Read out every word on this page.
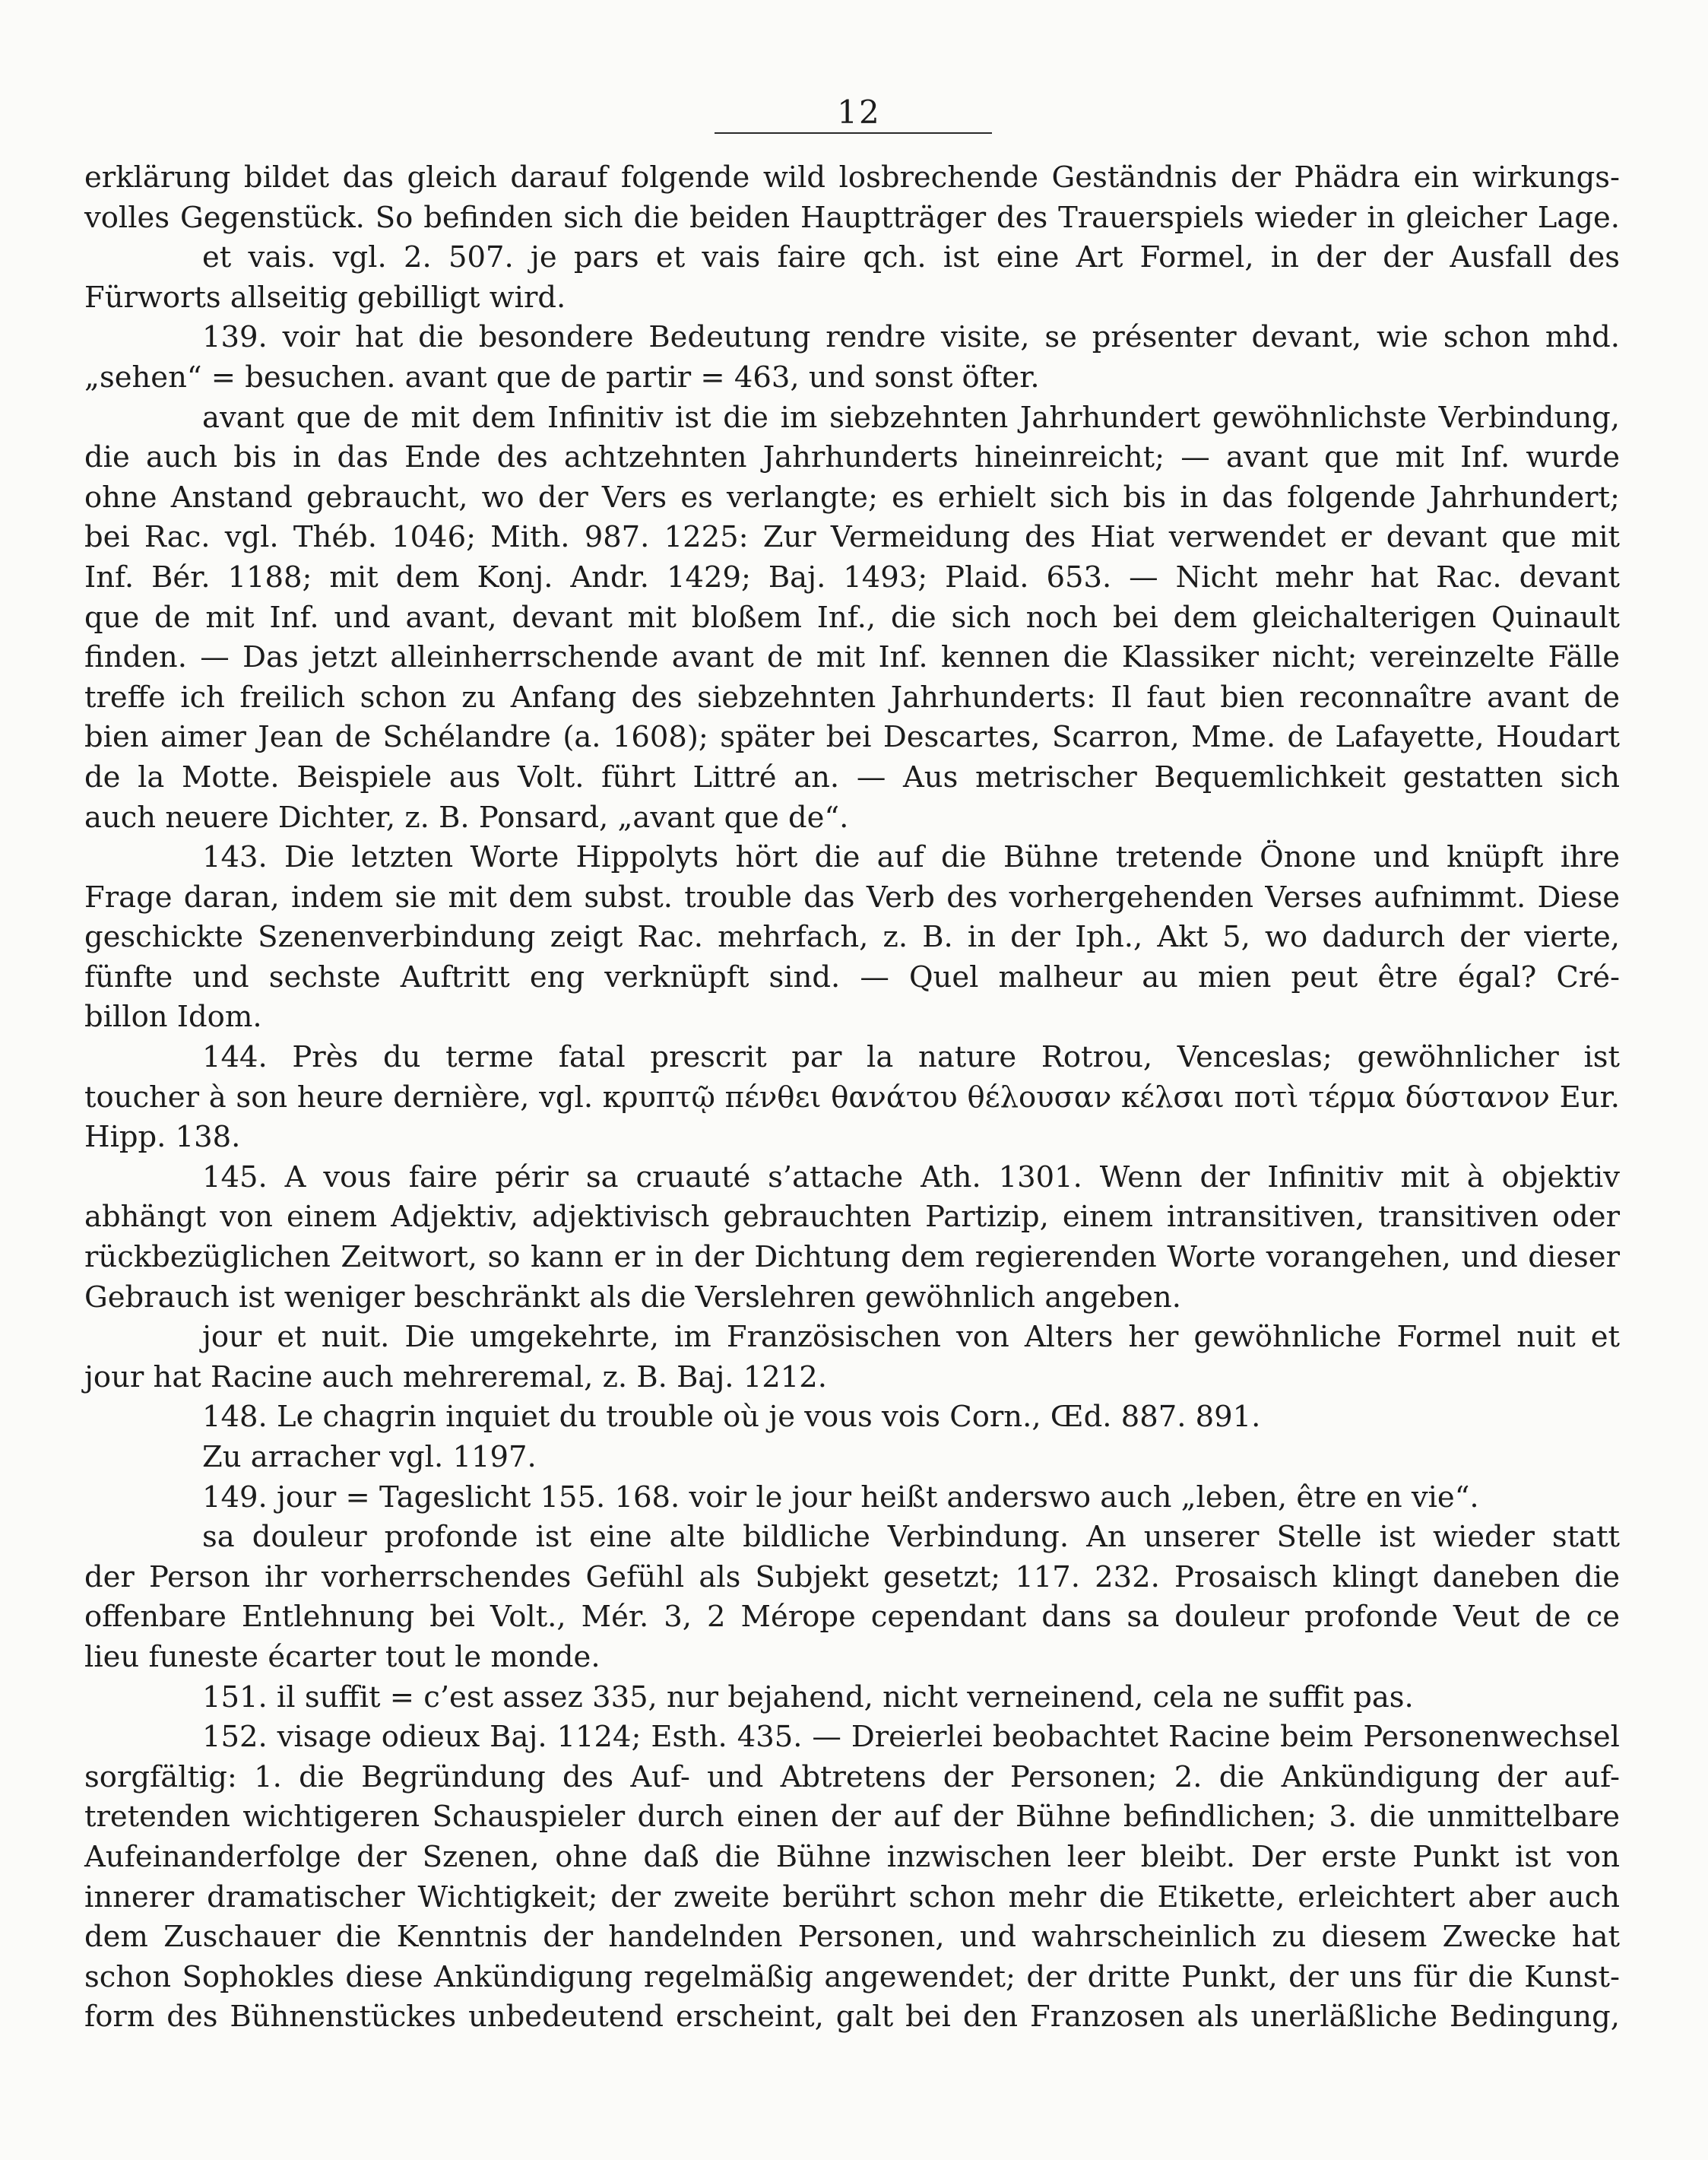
12
erklärung bildet das gleich darauf folgende wild losbrechende Geständnis der Phädra ein wirkungs-
volles Gegenstück. So befinden sich die beiden Hauptträger des Trauerspiels wieder in gleicher Lage.
et vais. vgl. 2. 507. je pars et vais faire qch. ist eine Art Formel, in der der Ausfall des
Fürworts allseitig gebilligt wird.
139. voir hat die besondere Bedeutung rendre visite, se présenter devant, wie schon mhd.
„sehen“ = besuchen. avant que de partir = 463, und sonst öfter.
avant que de mit dem Infinitiv ist die im siebzehnten Jahrhundert gewöhnlichste Verbindung,
die auch bis in das Ende des achtzehnten Jahrhunderts hineinreicht; — avant que mit Inf. wurde
ohne Anstand gebraucht, wo der Vers es verlangte; es erhielt sich bis in das folgende Jahrhundert;
bei Rac. vgl. Théb. 1046; Mith. 987. 1225: Zur Vermeidung des Hiat verwendet er devant que mit
Inf. Bér. 1188; mit dem Konj. Andr. 1429; Baj. 1493; Plaid. 653. — Nicht mehr hat Rac. devant
que de mit Inf. und avant, devant mit bloßem Inf., die sich noch bei dem gleichalterigen Quinault
finden. — Das jetzt alleinherrschende avant de mit Inf. kennen die Klassiker nicht; vereinzelte Fälle
treffe ich freilich schon zu Anfang des siebzehnten Jahrhunderts: Il faut bien reconnaître avant de
bien aimer Jean de Schélandre (a. 1608); später bei Descartes, Scarron, Mme. de Lafayette, Houdart
de la Motte. Beispiele aus Volt. führt Littré an. — Aus metrischer Bequemlichkeit gestatten sich
auch neuere Dichter, z. B. Ponsard, „avant que de“.
143. Die letzten Worte Hippolyts hört die auf die Bühne tretende Önone und knüpft ihre
Frage daran, indem sie mit dem subst. trouble das Verb des vorhergehenden Verses aufnimmt. Diese
geschickte Szenenverbindung zeigt Rac. mehrfach, z. B. in der Iph., Akt 5, wo dadurch der vierte,
fünfte und sechste Auftritt eng verknüpft sind. — Quel malheur au mien peut être égal? Cré-
billon Idom.
144. Près du terme fatal prescrit par la nature Rotrou, Venceslas; gewöhnlicher ist
toucher à son heure dernière, vgl. κρυπτῷ πένθει θανάτου θέλουσαν κέλσαι ποτὶ τέρμα δύστανον Eur.
Hipp. 138.
145. A vous faire périr sa cruauté s’attache Ath. 1301. Wenn der Infinitiv mit à objektiv
abhängt von einem Adjektiv, adjektivisch gebrauchten Partizip, einem intransitiven, transitiven oder
rückbezüglichen Zeitwort, so kann er in der Dichtung dem regierenden Worte vorangehen, und dieser
Gebrauch ist weniger beschränkt als die Verslehren gewöhnlich angeben.
jour et nuit. Die umgekehrte, im Französischen von Alters her gewöhnliche Formel nuit et
jour hat Racine auch mehreremal, z. B. Baj. 1212.
148. Le chagrin inquiet du trouble où je vous vois Corn., Œd. 887. 891.
Zu arracher vgl. 1197.
149. jour = Tageslicht 155. 168. voir le jour heißt anderswo auch „leben, être en vie“.
sa douleur profonde ist eine alte bildliche Verbindung. An unserer Stelle ist wieder statt
der Person ihr vorherrschendes Gefühl als Subjekt gesetzt; 117. 232. Prosaisch klingt daneben die
offenbare Entlehnung bei Volt., Mér. 3, 2 Mérope cependant dans sa douleur profonde Veut de ce
lieu funeste écarter tout le monde.
151. il suffit = c’est assez 335, nur bejahend, nicht verneinend, cela ne suffit pas.
152. visage odieux Baj. 1124; Esth. 435. — Dreierlei beobachtet Racine beim Personenwechsel
sorgfältig: 1. die Begründung des Auf- und Abtretens der Personen; 2. die Ankündigung der auf-
tretenden wichtigeren Schauspieler durch einen der auf der Bühne befindlichen; 3. die unmittelbare
Aufeinanderfolge der Szenen, ohne daß die Bühne inzwischen leer bleibt. Der erste Punkt ist von
innerer dramatischer Wichtigkeit; der zweite berührt schon mehr die Etikette, erleichtert aber auch
dem Zuschauer die Kenntnis der handelnden Personen, und wahrscheinlich zu diesem Zwecke hat
schon Sophokles diese Ankündigung regelmäßig angewendet; der dritte Punkt, der uns für die Kunst-
form des Bühnenstückes unbedeutend erscheint, galt bei den Franzosen als unerläßliche Bedingung,
